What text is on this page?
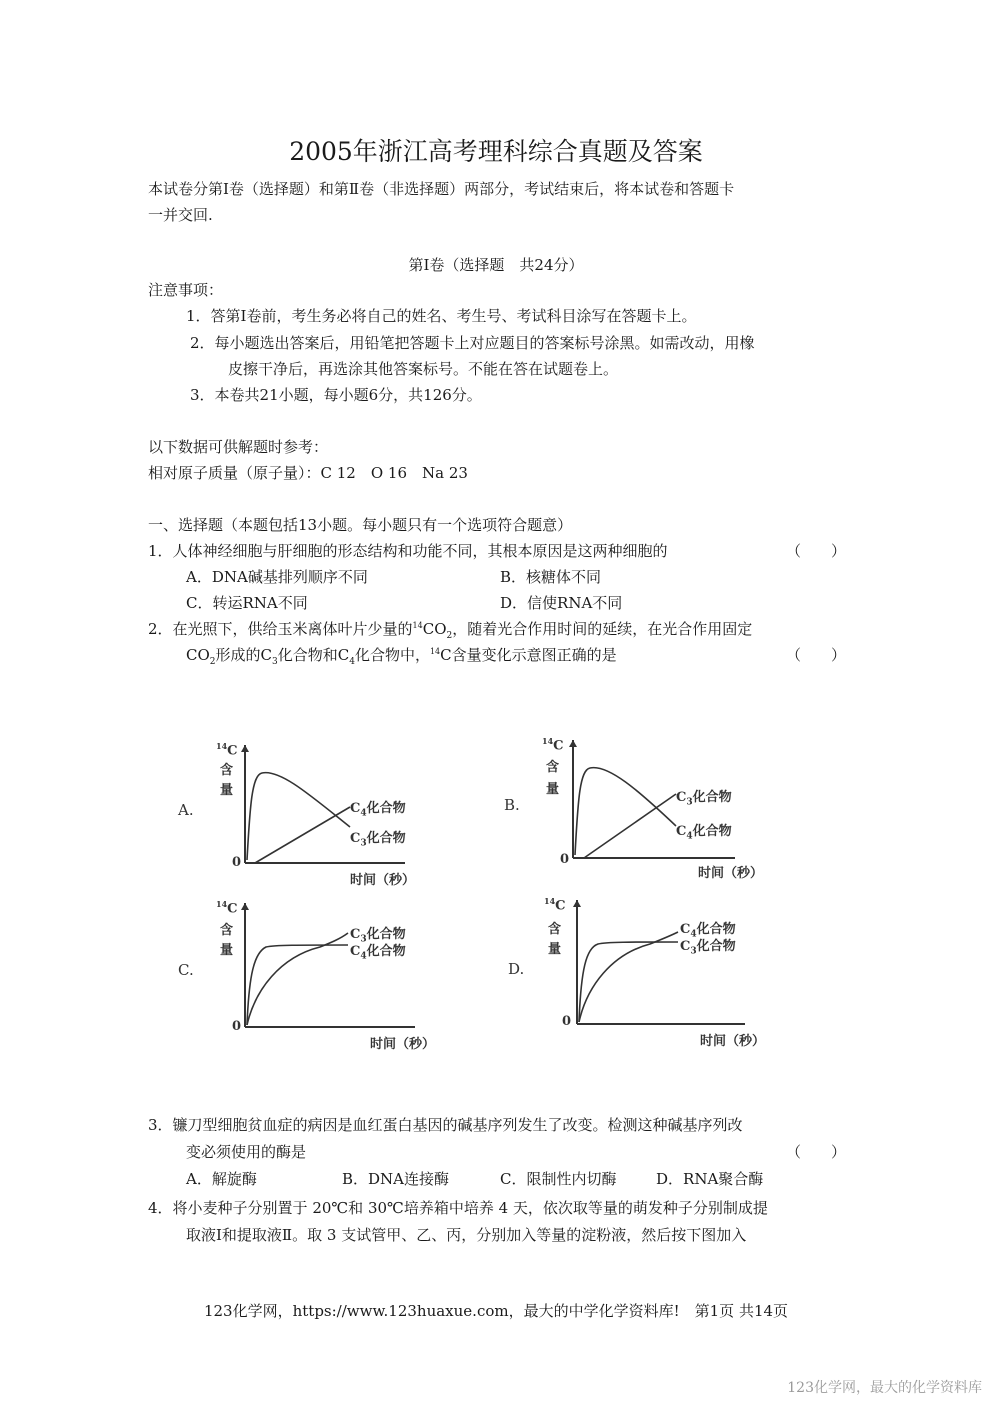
2005年浙江高考理科综合真题及答案
本试卷分第Ⅰ卷（选择题）和第Ⅱ卷（非选择题）两部分，考试结束后，将本试卷和答题卡
一并交回.
第Ⅰ卷（选择题　共24分）
注意事项：
1．答第Ⅰ卷前，考生务必将自己的姓名、考生号、考试科目涂写在答题卡上。
2．每小题选出答案后，用铅笔把答题卡上对应题目的答案标号涂黑。如需改动，用橡
皮擦干净后，再选涂其他答案标号。不能在答在试题卷上。
3．本卷共21小题，每小题6分，共126分。
以下数据可供解题时参考：
相对原子质量（原子量）：C 12　O 16　Na 23
一、选择题（本题包括13小题。每小题只有一个选项符合题意）
1．人体神经细胞与肝细胞的形态结构和功能不同，其根本原因是这两种细胞的	（　　）
A．DNA碱基排列顺序不同	B．核糖体不同
C．转运RNA不同	D．信使RNA不同
2．在光照下，供给玉米离体叶片少量的$^{14}CO_2$，随着光合作用时间的延续，在光合作用固定
$CO_2$形成的$C_3$化合物和$C_4$化合物中，$^{14}$C含量变化示意图正确的是	（　　）
A.
$^{14}$C
含
量
0
时间（秒）
$C_4$化合物
$C_3$化合物
B.
$^{14}$C
含
量
0
时间（秒）
$C_3$化合物
$C_4$化合物
C.
$^{14}$C
含
量
0
时间（秒）
$C_3$化合物
$C_4$化合物
D.
$^{14}$C
含
量
0
时间（秒）
$C_4$化合物
$C_3$化合物
3．镰刀型细胞贫血症的病因是血红蛋白基因的碱基序列发生了改变。检测这种碱基序列改
变必须使用的酶是	（　　）
A．解旋酶	B．DNA连接酶	C．限制性内切酶	D．RNA聚合酶
4．将小麦种子分别置于 20℃和 30℃培养箱中培养 4 天，依次取等量的萌发种子分别制成提
取液Ⅰ和提取液Ⅱ。取 3 支试管甲、乙、丙，分别加入等量的淀粉液，然后按下图加入
123化学网，https://www.123huaxue.com，最大的中学化学资料库!　第1页 共14页
123化学网，最大的化学资料库
